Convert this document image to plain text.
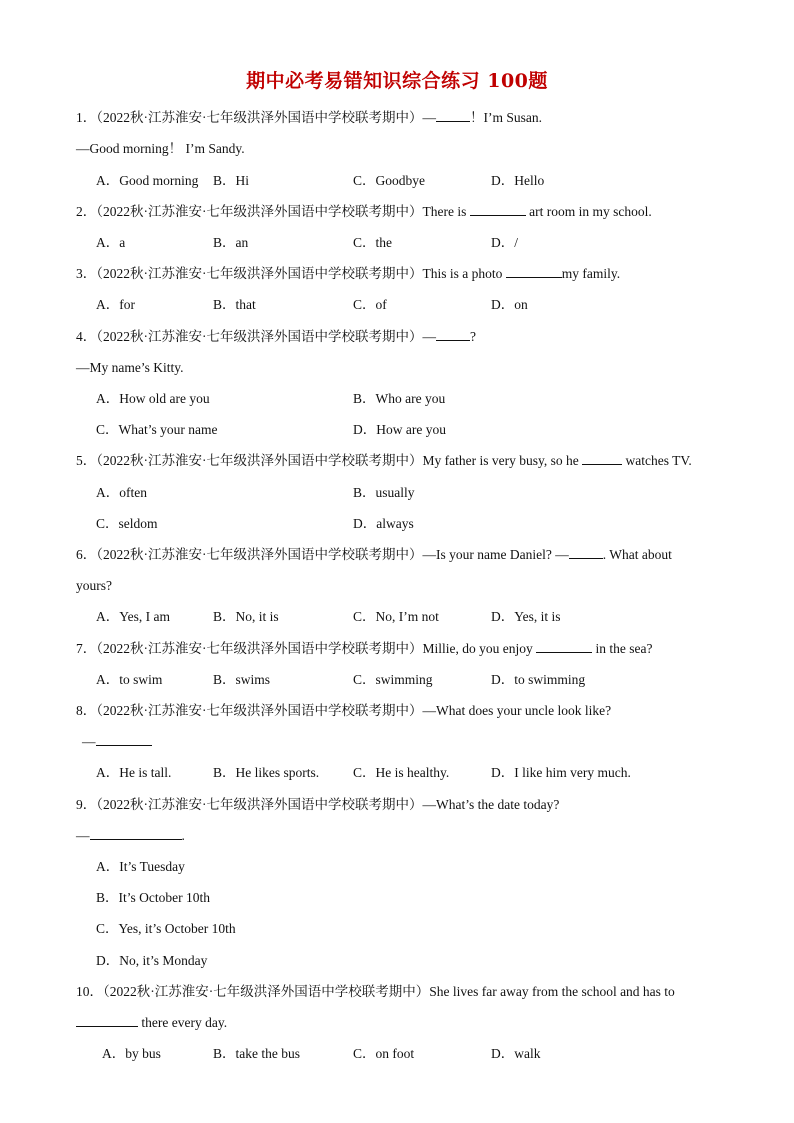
期中必考易错知识综合练习 100题
1．（2022秋·江苏淮安·七年级洪泽外国语中学校联考期中）—	！I’m Susan.
—Good morning！ I’m Sandy.
A．Good morning B．Hi	C．Goodbye	D．Hello
2．（2022秋·江苏淮安·七年级洪泽外国语中学校联考期中）There is	art room in my school.
A．a	B．an	C．the	D．/
3．（2022秋·江苏淮安·七年级洪泽外国语中学校联考期中）This is a photo	my family.
A．for	B．that	C．of	D．on
4．（2022秋·江苏淮安·七年级洪泽外国语中学校联考期中）—	?
—My name’s Kitty.
A．How old are you	B．Who are you
C．What’s your name	D．How are you
5．（2022秋·江苏淮安·七年级洪泽外国语中学校联考期中）My father is very busy, so he	watches TV.
A．often	B．usually
C．seldom	D．always
6．（2022秋·江苏淮安·七年级洪泽外国语中学校联考期中）—Is your name Daniel? —	. What about
yours?
A．Yes, I am	B．No, it is	C．No, I’m not	D．Yes, it is
7．（2022秋·江苏淮安·七年级洪泽外国语中学校联考期中）Millie, do you enjoy	in the sea?
A．to swim	B．swims	C．swimming	D．to swimming
8．（2022秋·江苏淮安·七年级洪泽外国语中学校联考期中）—What does your uncle look like?
—
A．He is tall.	B．He likes sports.	C．He is healthy.	D．I like him very much.
9．（2022秋·江苏淮安·七年级洪泽外国语中学校联考期中）—What’s the date today?
—	.
A．It’s Tuesday
B．It’s October 10th
C．Yes, it’s October 10th
D．No, it’s Monday
10．（2022秋·江苏淮安·七年级洪泽外国语中学校联考期中）She lives far away from the school and has to
there every day.
A．by bus	B．take the bus	C．on foot	D．walk
